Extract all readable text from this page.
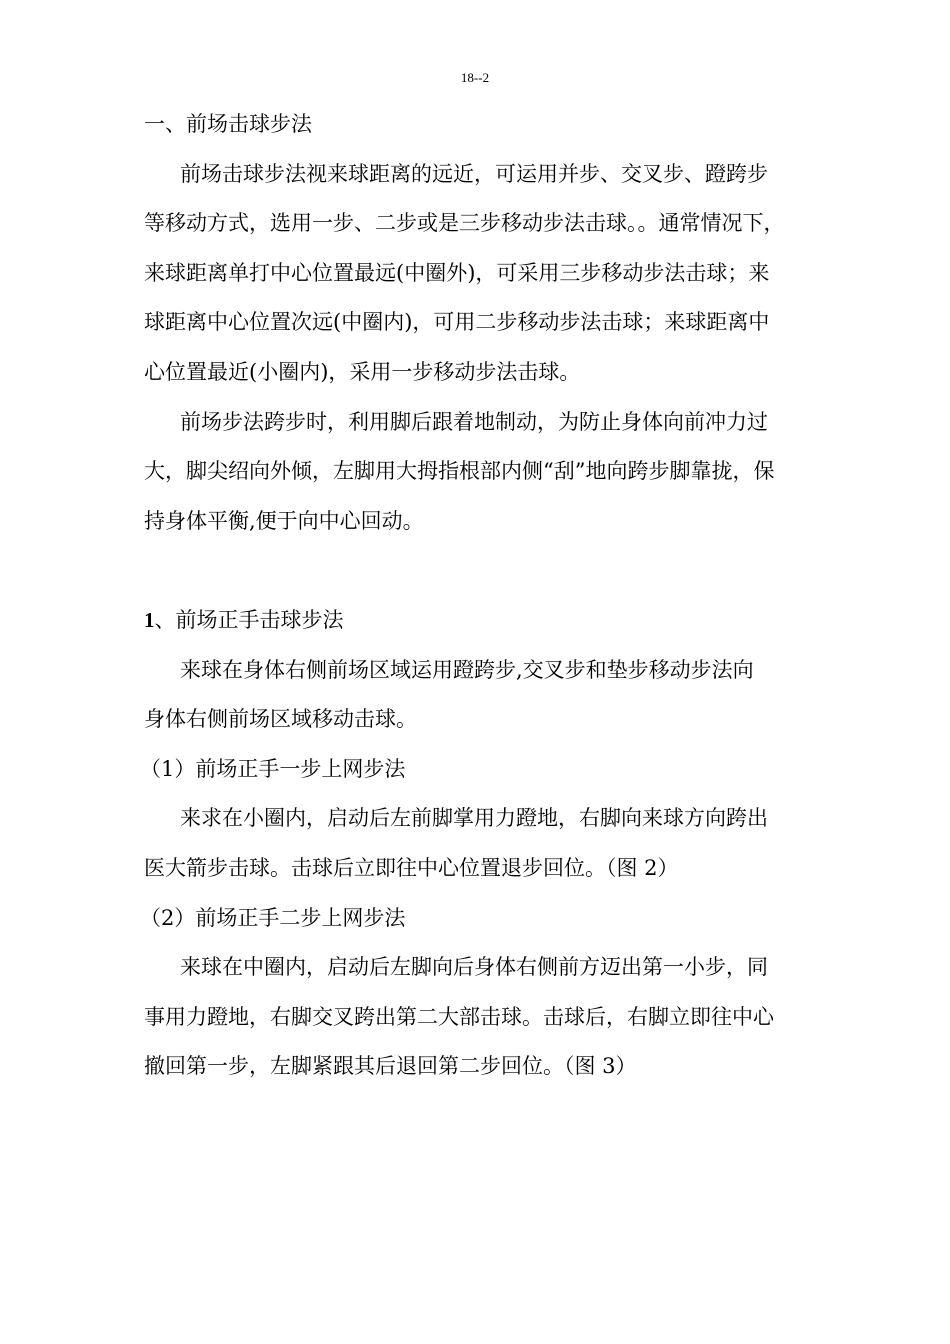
18--2
一、前场击球步法
前场击球步法视来球距离的远近，可运用并步、交叉步、蹬跨步
等移动方式，选用一步、二步或是三步移动步法击球。。通常情况下，
来球距离单打中心位置最远(中圈外)，可采用三步移动步法击球；来
球距离中心位置次远(中圈内)，可用二步移动步法击球；来球距离中
心位置最近(小圈内)，采用一步移动步法击球。
前场步法跨步时，利用脚后跟着地制动，为防止身体向前冲力过
大，脚尖绍向外倾，左脚用大拇指根部内侧“刮”地向跨步脚靠拢，保
持身体平衡,便于向中心回动。
1、前场正手击球步法
来球在身体右侧前场区域运用蹬跨步,交叉步和垫步移动步法向
身体右侧前场区域移动击球。
（1）前场正手一步上网步法
来求在小圈内，启动后左前脚掌用力蹬地，右脚向来球方向跨出
医大箭步击球。击球后立即往中心位置退步回位。（图 2）
（2）前场正手二步上网步法
来球在中圈内，启动后左脚向后身体右侧前方迈出第一小步，同
事用力蹬地，右脚交叉跨出第二大部击球。击球后，右脚立即往中心
撤回第一步，左脚紧跟其后退回第二步回位。（图 3）
